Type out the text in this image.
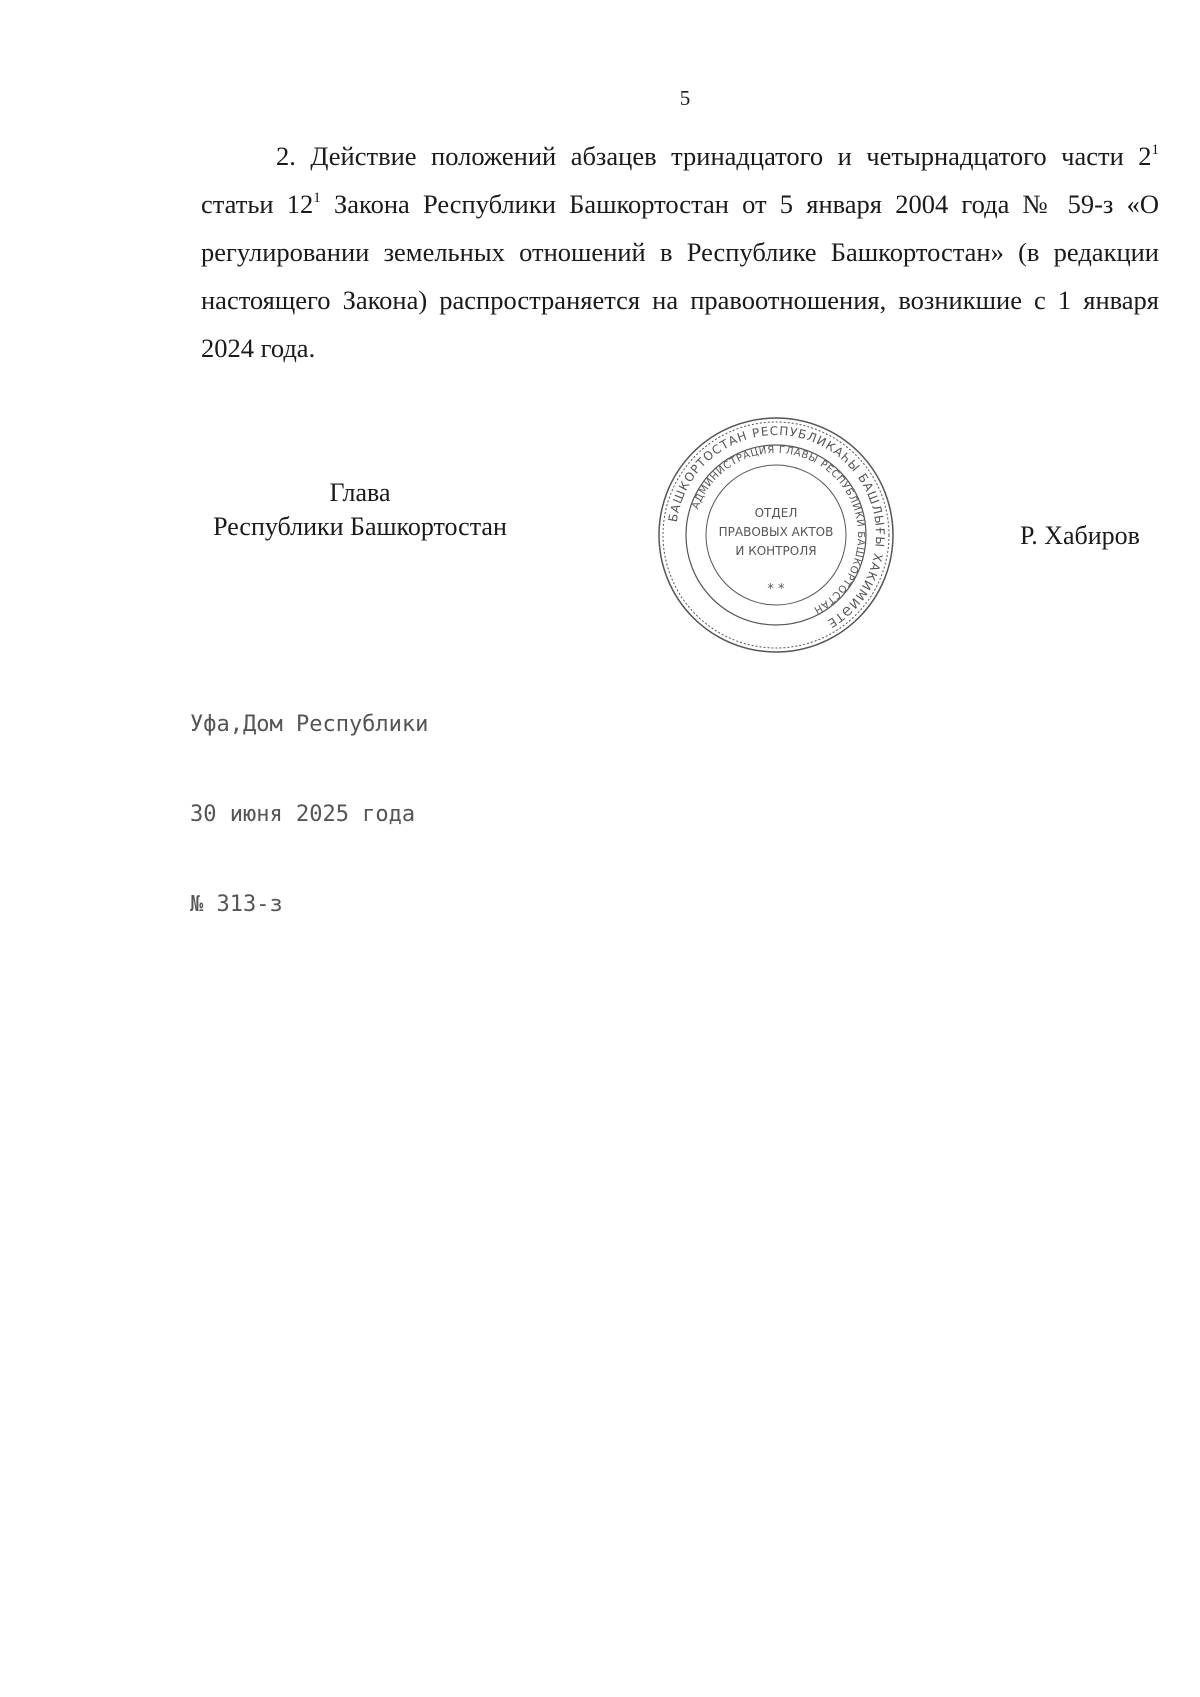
5
2. Действие положений абзацев тринадцатого и четырнадцатого части $2^1$ статьи $12^1$ Закона Республики Башкортостан от 5 января 2004 года № 59-з «О регулировании земельных отношений в Республике Башкортостан» (в редакции настоящего Закона) распространяется на правоотношения, возникшие с 1 января 2024 года.
Глава
Республики Башкортостан	Р. Хабиров
БАШКОРТОСТАН РЕСПУБЛИКАҺЫ БАШЛЫҒЫ ХАКИМИӘТЕ
АДМИНИСТРАЦИЯ ГЛАВЫ РЕСПУБЛИКИ БАШКОРТОСТАН
ОТДЕЛ
ПРАВОВЫХ АКТОВ
И КОНТРОЛЯ
* *

Уфа,Дом Республики

30 июня 2025 года

№ 313-з
